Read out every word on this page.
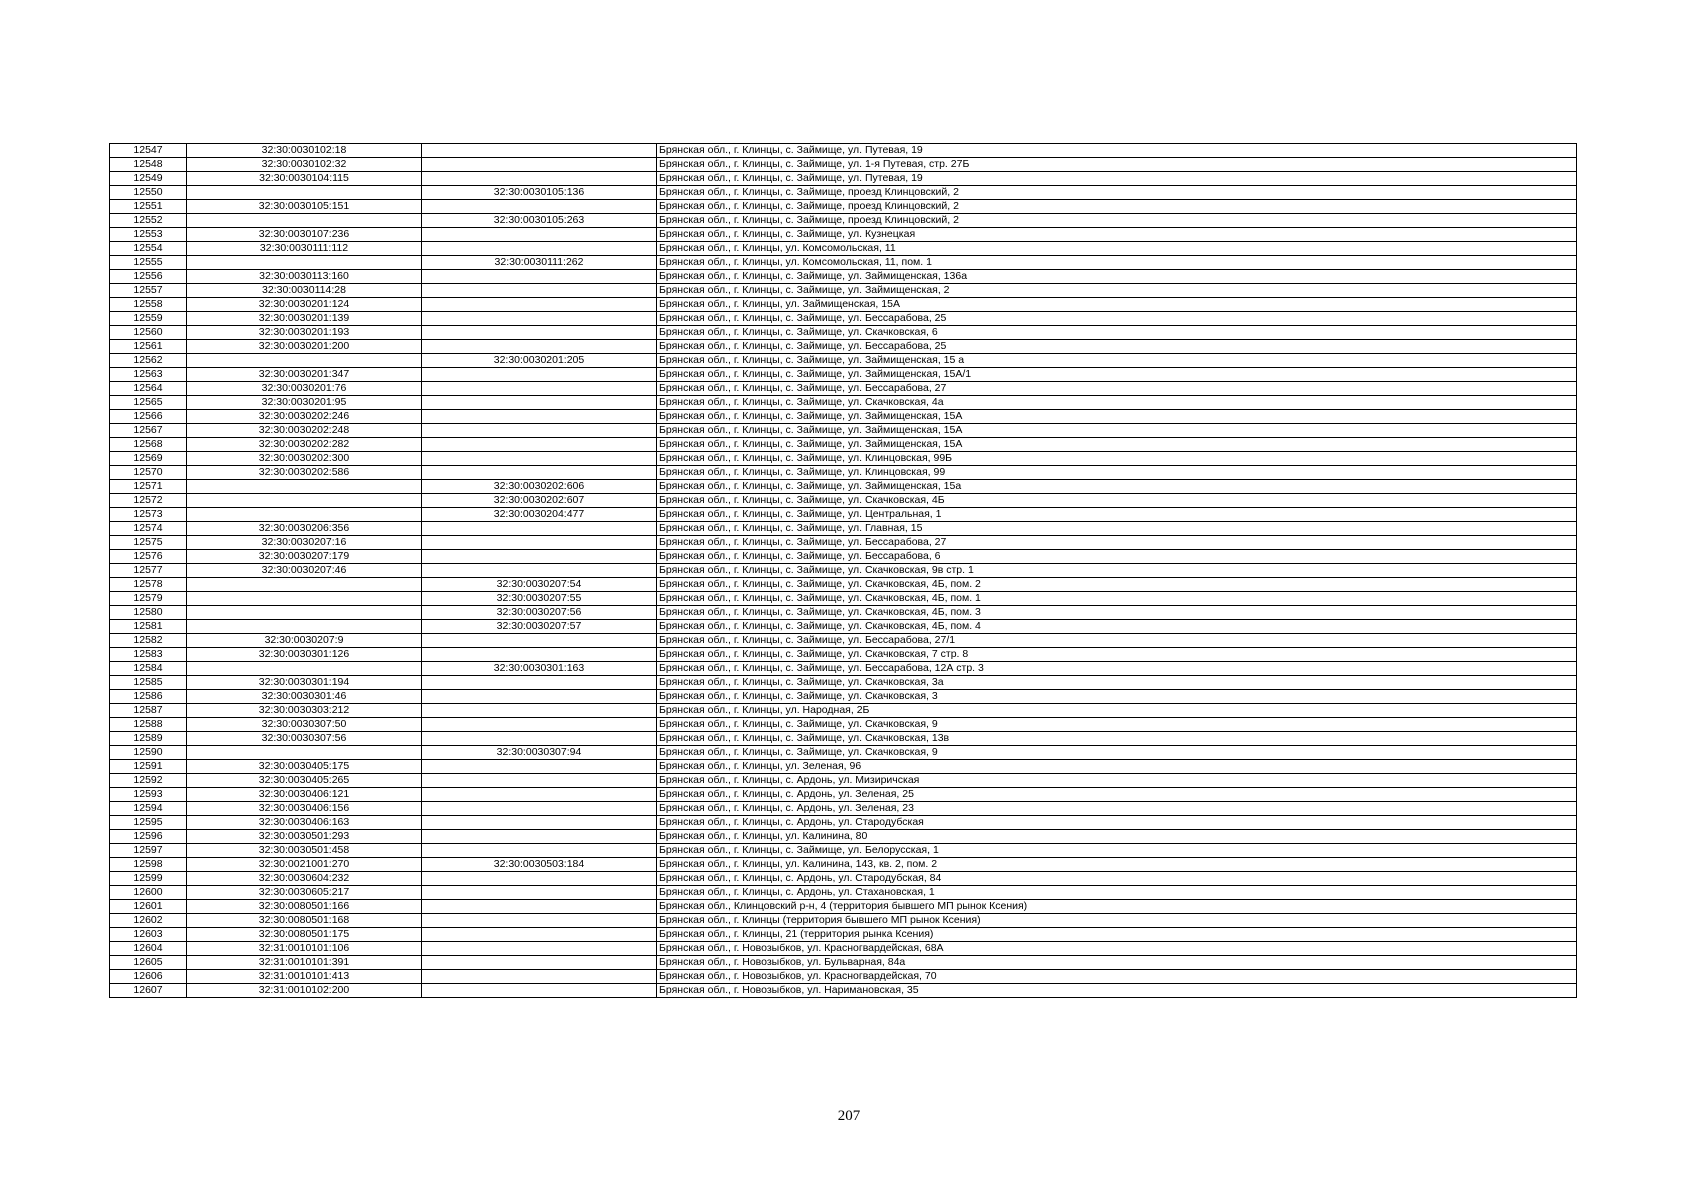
12547	32:30:0030102:18		Брянская обл., г. Клинцы, с. Займище, ул. Путевая, 19
12548	32:30:0030102:32		Брянская обл., г. Клинцы, с. Займище, ул. 1-я Путевая, стр. 27Б
12549	32:30:0030104:115		Брянская обл., г. Клинцы, с. Займище, ул. Путевая, 19
12550		32:30:0030105:136	Брянская обл., г. Клинцы, с. Займище, проезд Клинцовский, 2
12551	32:30:0030105:151		Брянская обл., г. Клинцы, с. Займище, проезд Клинцовский, 2
12552		32:30:0030105:263	Брянская обл., г. Клинцы, с. Займище, проезд Клинцовский, 2
12553	32:30:0030107:236		Брянская обл., г. Клинцы, с. Займище, ул. Кузнецкая
12554	32:30:0030111:112		Брянская обл., г. Клинцы, ул. Комсомольская, 11
12555		32:30:0030111:262	Брянская обл., г. Клинцы, ул. Комсомольская, 11, пом. 1
12556	32:30:0030113:160		Брянская обл., г. Клинцы, с. Займище, ул. Займищенская, 136а
12557	32:30:0030114:28		Брянская обл., г. Клинцы, с. Займище, ул. Займищенская, 2
12558	32:30:0030201:124		Брянская обл., г. Клинцы, ул. Займищенская, 15А
12559	32:30:0030201:139		Брянская обл., г. Клинцы, с. Займище, ул. Бессарабова, 25
12560	32:30:0030201:193		Брянская обл., г. Клинцы, с. Займище, ул. Скачковская, 6
12561	32:30:0030201:200		Брянская обл., г. Клинцы, с. Займище, ул. Бессарабова, 25
12562		32:30:0030201:205	Брянская обл., г. Клинцы, с. Займище, ул. Займищенская, 15 а
12563	32:30:0030201:347		Брянская обл., г. Клинцы, с. Займище, ул. Займищенская, 15А/1
12564	32:30:0030201:76		Брянская обл., г. Клинцы, с. Займище, ул. Бессарабова, 27
12565	32:30:0030201:95		Брянская обл., г. Клинцы, с. Займище, ул. Скачковская, 4а
12566	32:30:0030202:246		Брянская обл., г. Клинцы, с. Займище, ул. Займищенская, 15А
12567	32:30:0030202:248		Брянская обл., г. Клинцы, с. Займище, ул. Займищенская, 15А
12568	32:30:0030202:282		Брянская обл., г. Клинцы, с. Займище, ул. Займищенская, 15А
12569	32:30:0030202:300		Брянская обл., г. Клинцы, с. Займище, ул. Клинцовская, 99Б
12570	32:30:0030202:586		Брянская обл., г. Клинцы, с. Займище, ул. Клинцовская, 99
12571		32:30:0030202:606	Брянская обл., г. Клинцы, с. Займище, ул. Займищенская, 15а
12572		32:30:0030202:607	Брянская обл., г. Клинцы, с. Займище, ул. Скачковская, 4Б
12573		32:30:0030204:477	Брянская обл., г. Клинцы, с. Займище, ул. Центральная, 1
12574	32:30:0030206:356		Брянская обл., г. Клинцы, с. Займище, ул. Главная, 15
12575	32:30:0030207:16		Брянская обл., г. Клинцы, с. Займище, ул. Бессарабова, 27
12576	32:30:0030207:179		Брянская обл., г. Клинцы, с. Займище, ул. Бессарабова, 6
12577	32:30:0030207:46		Брянская обл., г. Клинцы, с. Займище, ул. Скачковская, 9в стр. 1
12578		32:30:0030207:54	Брянская обл., г. Клинцы, с. Займище, ул. Скачковская, 4Б, пом. 2
12579		32:30:0030207:55	Брянская обл., г. Клинцы, с. Займище, ул. Скачковская, 4Б, пом. 1
12580		32:30:0030207:56	Брянская обл., г. Клинцы, с. Займище, ул. Скачковская, 4Б, пом. 3
12581		32:30:0030207:57	Брянская обл., г. Клинцы, с. Займище, ул. Скачковская, 4Б, пом. 4
12582	32:30:0030207:9		Брянская обл., г. Клинцы, с. Займище, ул. Бессарабова, 27/1
12583	32:30:0030301:126		Брянская обл., г. Клинцы, с. Займище, ул. Скачковская, 7 стр. 8
12584		32:30:0030301:163	Брянская обл., г. Клинцы, с. Займище, ул. Бессарабова, 12А стр. 3
12585	32:30:0030301:194		Брянская обл., г. Клинцы, с. Займище, ул. Скачковская, 3а
12586	32:30:0030301:46		Брянская обл., г. Клинцы, с. Займище, ул. Скачковская, 3
12587	32:30:0030303:212		Брянская обл., г. Клинцы, ул. Народная, 2Б
12588	32:30:0030307:50		Брянская обл., г. Клинцы, с. Займище, ул. Скачковская, 9
12589	32:30:0030307:56		Брянская обл., г. Клинцы, с. Займище, ул. Скачковская, 13в
12590		32:30:0030307:94	Брянская обл., г. Клинцы, с. Займище, ул. Скачковская, 9
12591	32:30:0030405:175		Брянская обл., г. Клинцы, ул. Зеленая, 96
12592	32:30:0030405:265		Брянская обл., г. Клинцы, с. Ардонь, ул. Мизиричская
12593	32:30:0030406:121		Брянская обл., г. Клинцы, с. Ардонь, ул. Зеленая, 25
12594	32:30:0030406:156		Брянская обл., г. Клинцы, с. Ардонь, ул. Зеленая, 23
12595	32:30:0030406:163		Брянская обл., г. Клинцы, с. Ардонь, ул. Стародубская
12596	32:30:0030501:293		Брянская обл., г. Клинцы, ул. Калинина, 80
12597	32:30:0030501:458		Брянская обл., г. Клинцы, с. Займище, ул. Белорусская, 1
12598	32:30:0021001:270	32:30:0030503:184	Брянская обл., г. Клинцы, ул. Калинина, 143, кв. 2, пом. 2
12599	32:30:0030604:232		Брянская обл., г. Клинцы, с. Ардонь, ул. Стародубская, 84
12600	32:30:0030605:217		Брянская обл., г. Клинцы, с. Ардонь, ул. Стахановская, 1
12601	32:30:0080501:166		Брянская обл., Клинцовский р-н, 4 (территория бывшего МП рынок Ксения)
12602	32:30:0080501:168		Брянская обл., г. Клинцы (территория бывшего МП рынок Ксения)
12603	32:30:0080501:175		Брянская обл., г. Клинцы, 21 (территория рынка Ксения)
12604	32:31:0010101:106		Брянская обл., г. Новозыбков, ул. Красногвардейская, 68А
12605	32:31:0010101:391		Брянская обл., г. Новозыбков, ул. Бульварная, 84а
12606	32:31:0010101:413		Брянская обл., г. Новозыбков, ул. Красногвардейская, 70
12607	32:31:0010102:200		Брянская обл., г. Новозыбков, ул. Наримановская, 35
207
